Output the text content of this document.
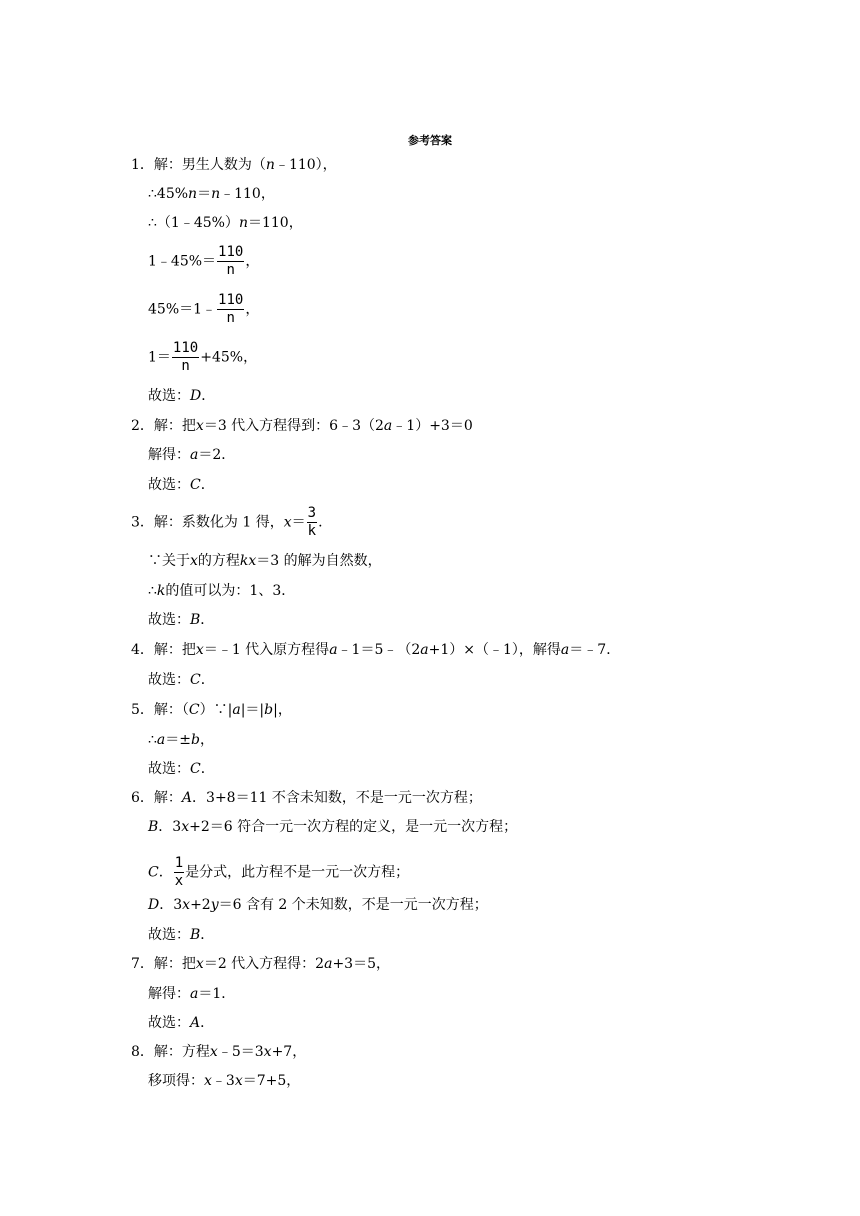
参考答案
1．解：男生人数为（n﹣110），
∴45%n＝n﹣110，
∴（1﹣45%）n＝110，
1﹣45%＝ $\frac{110}{n}$ ，
45%＝1﹣ $\frac{110}{n}$ ，
$1= \frac{110}{n} +45\%$，
故选：D．
2．解：把x＝3 代入方程得到：6﹣3（2a﹣1）+3＝0
解得：a＝2．
故选：C．
3．解：系数化为 1 得，$x= \frac{3}{k}$ .
∵关于x的方程kx＝3 的解为自然数，
∴k的值可以为：1、3．
故选：B．
4．解：把x＝﹣1 代入原方程得a﹣1＝5﹣（2a+1）×（﹣1），解得a＝﹣7．
故选：C．
5．解：（C）∵|a|＝|b|，
∴a＝±b，
故选：C．
6．解：A．3+8＝11 不含未知数，不是一元一次方程；
B．3x+2＝6 符合一元一次方程的定义，是一元一次方程；
C． $\frac{1}{x}$ 是分式，此方程不是一元一次方程；
D．3x+2y＝6 含有 2 个未知数，不是一元一次方程；
故选：B．
7．解：把x＝2 代入方程得：2a+3＝5，
解得：a＝1．
故选：A．
8．解：方程x﹣5＝3x+7，
移项得：x﹣3x＝7+5，
